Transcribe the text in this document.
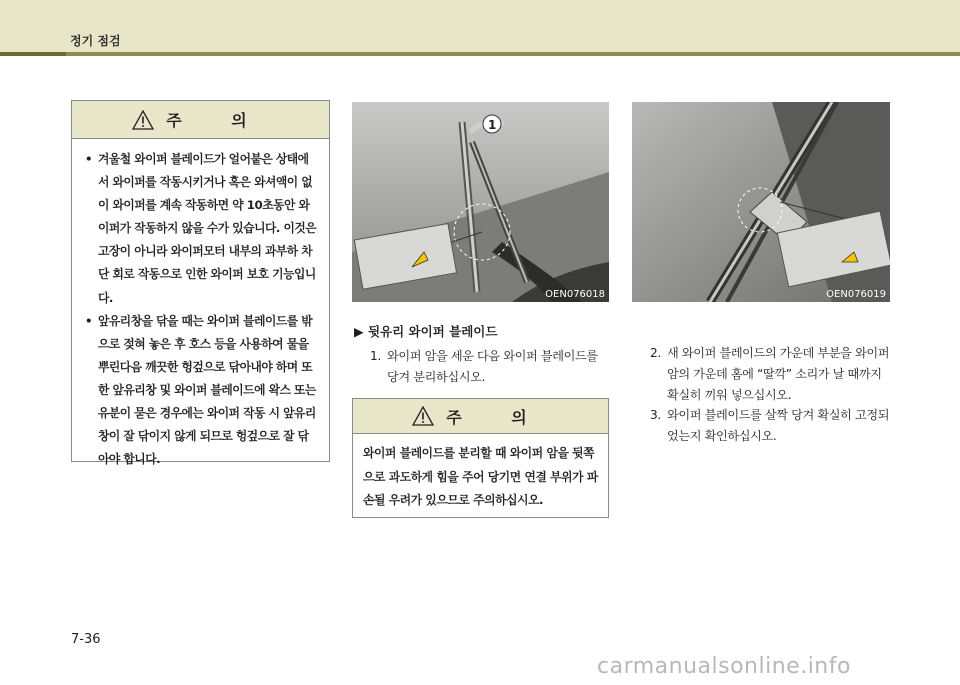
정기 점검
주 의
• 겨울철 와이퍼 블레이드가 얼어붙은 상태에서 와이퍼를 작동시키거나 혹은 와셔액이 없이 와이퍼를 계속 작동하면 약 10초동안 와이퍼가 작동하지 않을 수가 있습니다. 이것은 고장이 아니라 와이퍼모터 내부의 과부하 차단 회로 작동으로 인한 와이퍼 보호 기능입니다.
• 앞유리창을 닦을 때는 와이퍼 블레이드를 밖으로 젖혀 놓은 후 호스 등을 사용하여 물을 뿌린다음 깨끗한 헝겊으로 닦아내야 하며 또한 앞유리창 및 와이퍼 블레이드에 왁스 또는 유분이 묻은 경우에는 와이퍼 작동 시 앞유리창이 잘 닦이지 않게 되므로 헝겊으로 잘 닦아야 합니다.
1
OEN076018	OEN076019
▶ 뒷유리 와이퍼 블레이드
1. 와이퍼 암을 세운 다음 와이퍼 블레이드를 당겨 분리하십시오.
주 의
와이퍼 블레이드를 분리할 때 와이퍼 암을 뒷쪽으로 과도하게 힘을 주어 당기면 연결 부위가 파손될 우려가 있으므로 주의하십시오.
2. 새 와이퍼 블레이드의 가운데 부분을 와이퍼 암의 가운데 홈에 “딸깍” 소리가 날 때까지 확실히 끼워 넣으십시오.
3. 와이퍼 블레이드를 살짝 당겨 확실히 고정되었는지 확인하십시오.
7-36
carmanualsonline.info
